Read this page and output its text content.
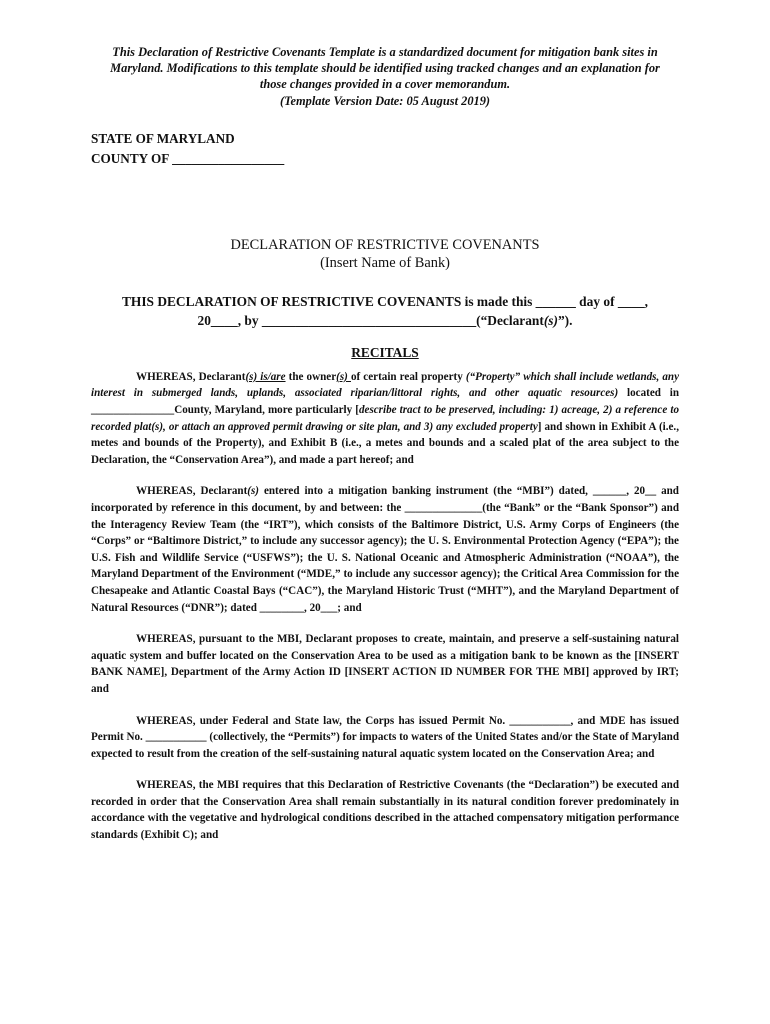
This Declaration of Restrictive Covenants Template is a standardized document for mitigation bank sites in Maryland. Modifications to this template should be identified using tracked changes and an explanation for those changes provided in a cover memorandum.
(Template Version Date: 05 August 2019)
STATE OF MARYLAND
COUNTY OF _________________
DECLARATION OF RESTRICTIVE COVENANTS
(Insert Name of Bank)
THIS DECLARATION OF RESTRICTIVE COVENANTS is made this ______ day of ____,
20____, by ________________________________(“Declarant(s)”).
RECITALS

WHEREAS, Declarant(s) is/are the owner(s) of certain real property (“Property” which shall include wetlands, any interest in submerged lands, uplands, associated riparian/littoral rights, and other aquatic resources) located in _______________County, Maryland, more particularly [describe tract to be preserved, including: 1) acreage, 2) a reference to recorded plat(s), or attach an approved permit drawing or site plan, and 3) any excluded property] and shown in Exhibit A (i.e., metes and bounds of the Property), and Exhibit B (i.e., a metes and bounds and a scaled plat of the area subject to the Declaration, the “Conservation Area”), and made a part hereof; and

WHEREAS, Declarant(s) entered into a mitigation banking instrument (the “MBI”) dated, ______, 20__ and incorporated by reference in this document, by and between: the ______________(the “Bank” or the “Bank Sponsor”) and the Interagency Review Team (the “IRT”), which consists of the Baltimore District, U.S. Army Corps of Engineers (the “Corps” or “Baltimore District,” to include any successor agency); the U. S. Environmental Protection Agency (“EPA”); the U.S. Fish and Wildlife Service (“USFWS”); the U. S. National Oceanic and Atmospheric Administration (“NOAA”), the Maryland Department of the Environment (“MDE,” to include any successor agency); the Critical Area Commission for the Chesapeake and Atlantic Coastal Bays (“CAC”), the Maryland Historic Trust (“MHT”), and the Maryland Department of Natural Resources (“DNR”); dated ________, 20___; and

WHEREAS, pursuant to the MBI, Declarant proposes to create, maintain, and preserve a self-sustaining natural aquatic system and buffer located on the Conservation Area to be used as a mitigation bank to be known as the [INSERT BANK NAME], Department of the Army Action ID [INSERT ACTION ID NUMBER FOR THE MBI] approved by IRT; and

WHEREAS, under Federal and State law, the Corps has issued Permit No. ___________, and MDE has issued Permit No. ___________ (collectively, the “Permits”) for impacts to waters of the United States and/or the State of Maryland expected to result from the creation of the self-sustaining natural aquatic system located on the Conservation Area; and

WHEREAS, the MBI requires that this Declaration of Restrictive Covenants (the “Declaration”) be executed and recorded in order that the Conservation Area shall remain substantially in its natural condition forever predominately in accordance with the vegetative and hydrological conditions described in the attached compensatory mitigation performance standards (Exhibit C); and
